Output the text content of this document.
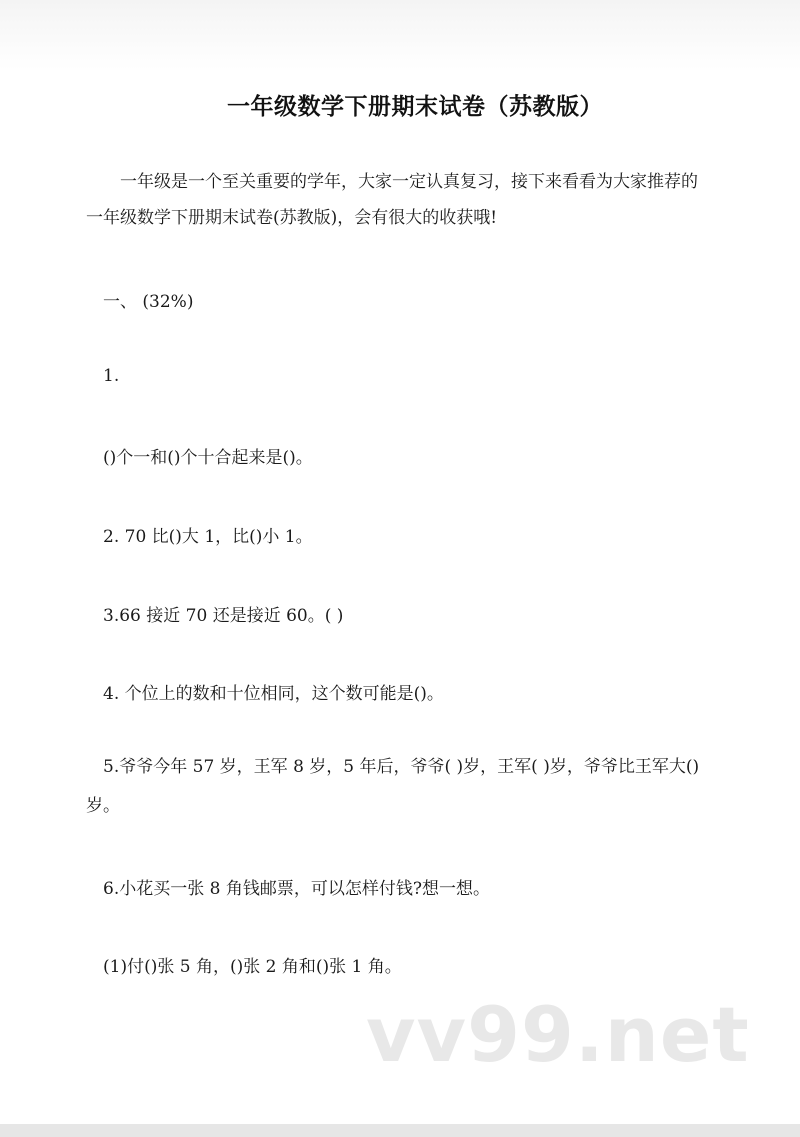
一年级数学下册期末试卷（苏教版）
一年级是一个至关重要的学年，大家一定认真复习，接下来看看为大家推荐的一年级数学下册期末试卷(苏教版)，会有很大的收获哦!
一、 (32%)
1.
()个一和()个十合起来是()。
2. 70 比()大 1，比()小 1。
3.66 接近 70 还是接近 60。( )
4. 个位上的数和十位相同，这个数可能是()。
5.爷爷今年 57 岁，王军 8 岁，5 年后，爷爷( )岁，王军( )岁，爷爷比王军大()岁。
6.小花买一张 8 角钱邮票，可以怎样付钱?想一想。
(1)付()张 5 角，()张 2 角和()张 1 角。
vv99.net
